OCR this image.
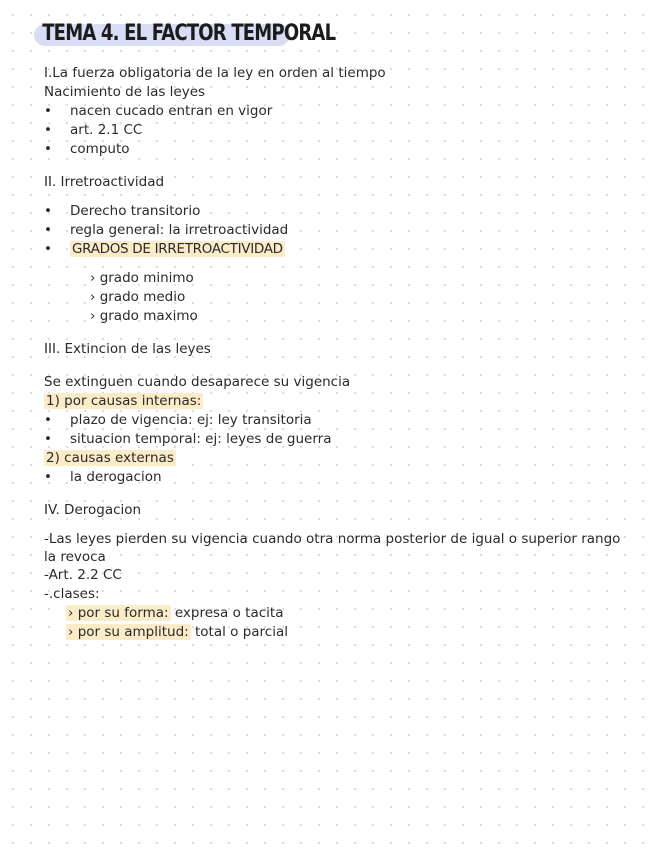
TEMA 4. EL FACTOR TEMPORAL
I.La fuerza obligatoria de la ley en orden al tiempo
Nacimiento de las leyes
• nacen cucado entran en vigor
• art. 2.1 CC
• computo
II. Irretroactividad
• Derecho transitorio
• regla general: la irretroactividad
• GRADOS DE IRRETROACTIVIDAD
› grado minimo
› grado medio
› grado maximo
III. Extincion de las leyes
Se extinguen cuando desaparece su vigencia
1) por causas internas:
• plazo de vigencia: ej: ley transitoria
• situacion temporal: ej: leyes de guerra
2) causas externas
• la derogacion
IV. Derogacion
-Las leyes pierden su vigencia cuando otra norma posterior de igual o superior rango la revoca
-Art. 2.2 CC
-.clases:
› por su forma: expresa o tacita
› por su amplitud: total o parcial
